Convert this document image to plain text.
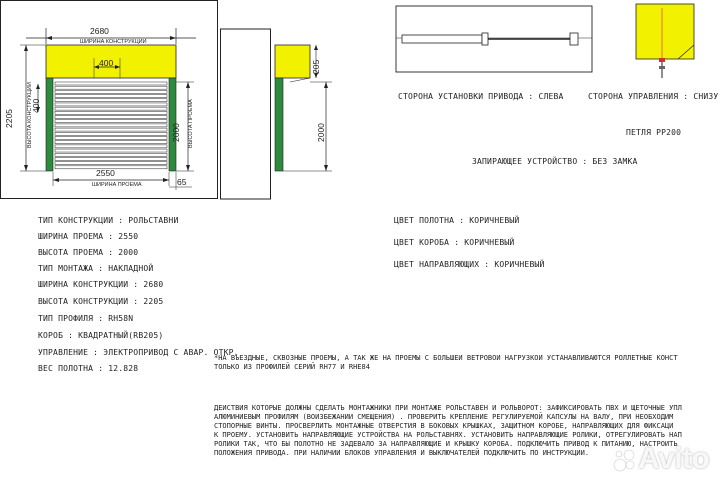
2680
ШИРИНА КОНСТРУКЦИИ
400
2205 ВЫСОТА КОНСТРУКЦИИ
400
2000 ВЫСОТА ПРОЕМА
2550
ШИРИНА ПРОЕМА	65
205
2000
СТОРОНА УСТАНОВКИ ПРИВОДА : СЛЕВА	СТОРОНА УПРАВЛЕНИЯ : СНИЗУ
ПЕТЛЯ PP200
ЗАПИРАЮЩЕЕ УСТРОЙСТВО : БЕЗ ЗАМКА
ТИП КОНСТРУКЦИИ : РОЛЬСТАВНИ
ШИРИНА ПРОЕМА : 2550
ВЫСОТА ПРОЕМА : 2000
ТИП МОНТАЖА : НАКЛАДНОЙ
ШИРИНА КОНСТРУКЦИИ : 2680
ВЫСОТА КОНСТРУКЦИИ : 2205
ТИП ПРОФИЛЯ : RH58N
КОРОБ : КВАДРАТНЫЙ(RB205)
УПРАВЛЕНИЕ : ЭЛЕКТРОПРИВОД С АВАР. ОТКР.
ВЕС ПОЛОТНА : 12.828
ЦВЕТ ПОЛОТНА : КОРИЧНЕВЫЙ
ЦВЕТ КОРОБА : КОРИЧНЕВЫЙ
ЦВЕТ НАПРАВЛЯЮЩИХ : КОРИЧНЕВЫЙ
*НА ВЪЕЗДНЫЕ, СКВОЗНЫЕ ПРОЕМЫ, А ТАК ЖЕ НА ПРОЕМЫ С БОЛЬШЕЙ ВЕТРОВОЙ НАГРУЗКОЙ УСТАНАВЛИВАЮТСЯ РОЛЛЕТНЫЕ КОНСТ
ТОЛЬКО ИЗ ПРОФИЛЕЙ СЕРИЙ RH77 И RHE84
ДЕЙСТВИЯ КОТОРЫЕ ДОЛЖНЫ СДЕЛАТЬ МОНТАЖНИКИ ПРИ МОНТАЖЕ РОЛЬСТАВЕН И РОЛЬВОРОТ: ЗАФИКСИРОВАТЬ ПВХ И ЩЕТОЧНЫЕ УПЛ
АЛЮМИНИЕВЫМ ПРОФИЛЯМ (ВОИЗБЕЖАНИИ СМЕЩЕНИЯ) . ПРОВЕРИТЬ КРЕПЛЕНИЕ РЕГУЛИРУЕМОЙ КАПСУЛЫ НА ВАЛУ, ПРИ НЕОБХОДИМ
СТОПОРНЫЕ ВИНТЫ. ПРОСВЕРЛИТЬ МОНТАЖНЫЕ ОТВЕРСТИЯ В БОКОВЫХ КРЫШКАХ, ЗАЩИТНОМ КОРОБЕ, НАПРАВЛЯЮЩИХ ДЛЯ ФИКСАЦИ
К ПРОЕМУ. УСТАНОВИТЬ НАПРАВЛЯЮЩИЕ УСТРОЙСТВА НА РОЛЬСТАВНЯХ. УСТАНОВИТЬ НАПРАВЛЯЮЩИЕ РОЛИКИ, ОТРЕГУЛИРОВАТЬ НАП
РОЛИКИ ТАК, ЧТО БЫ ПОЛОТНО НЕ ЗАДЕВАЛО ЗА НАПРАВЛЯЮЩИЕ И КРЫШКУ КОРОБА. ПОДКЛЮЧИТЬ ПРИВОД К ПИТАНИЮ, НАСТРОИТЬ
ПОЛОЖЕНИЯ ПРИВОДА. ПРИ НАЛИЧИИ БЛОКОВ УПРАВЛЕНИЯ И ВЫКЛЮЧАТЕЛЕЙ ПОДКЛЮЧИТЬ ПО ИНСТРУКЦИИ.	Avito
